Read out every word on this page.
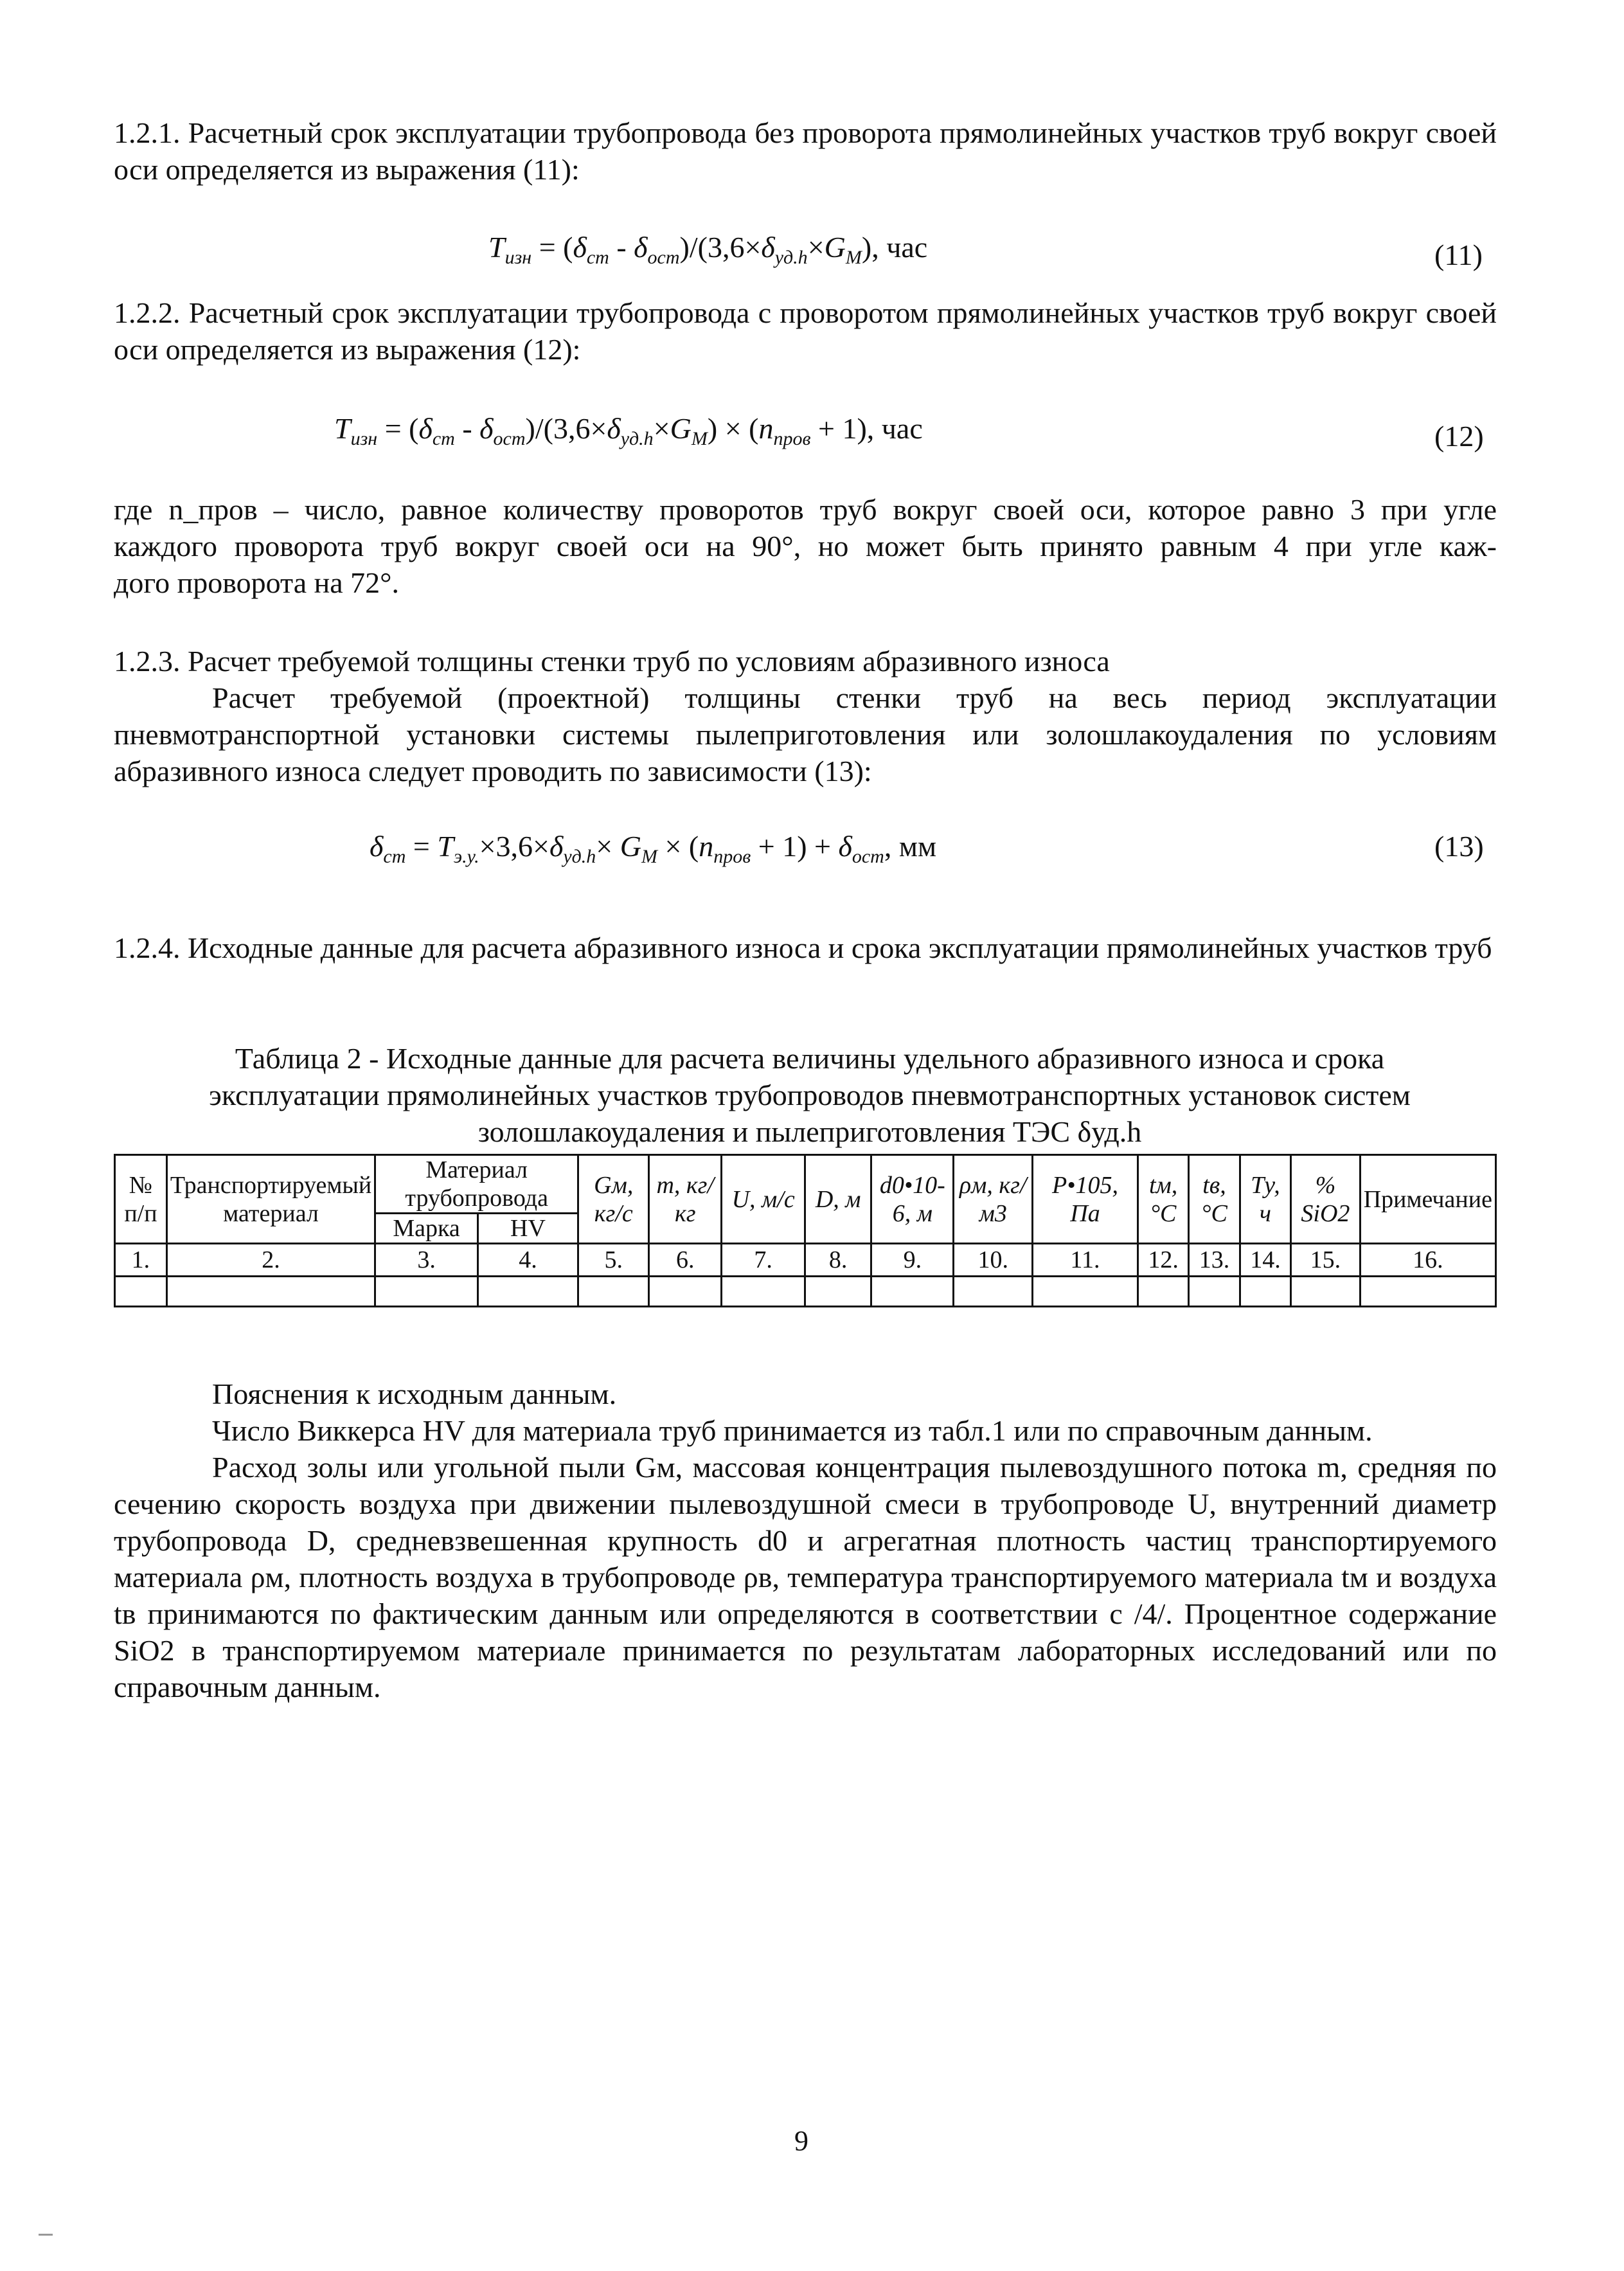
1.2.1. Расчетный срок эксплуатации трубопровода без проворота прямолинейных участков труб вокруг своей оси определяется из выражения (11):
$Т_{изн} = (\delta_{ст} - \delta_{ост})/(3,6\times\delta_{уд.h}\times G_M)$, час	(11)
1.2.2. Расчетный срок эксплуатации трубопровода с проворотом прямолинейных участков труб вокруг своей оси определяется из выражения (12):
$Т_{изн} = (\delta_{ст} - \delta_{ост})/(3,6\times\delta_{уд.h}\times G_M) \times (n_{пров} + 1)$, час	(12)
где n_пров – число, равное количеству проворотов труб вокруг своей оси, которое равно 3 при угле
каждого проворота труб вокруг своей оси на 90°, но может быть принято равным 4 при угле каж-
дого проворота на 72°.
1.2.3. Расчет требуемой толщины стенки труб по условиям абразивного износа
Расчет требуемой (проектной) толщины стенки труб на весь период эксплуатации пневмотранспортной установки системы пылеприготовления или золошлакоудаления по условиям абразивного износа следует проводить по зависимости (13):
$\delta_{ст} = Т_{э.у.}\times 3,6\times\delta_{уд.h}\times G_M \times (n_{пров} + 1) + \delta_{ост}$, мм	(13)
1.2.4. Исходные данные для расчета абразивного износа и срока эксплуатации прямолинейных участков труб
Таблица 2 - Исходные данные для расчета величины удельного абразивного износа и срока эксплуатации прямолинейных участков трубопроводов пневмотранспортных установок систем золошлакоудаления и пылеприготовления ТЭС δуд.h
№ п/п	Транспортируемый материал	Материал трубопровода		Gм, кг/с	m, кг/кг	U, м/с	D, м	d0•10-6, м	ρм, кг/м3	P•105, Па	tм, °C	tв, °C	Tу, ч	% SiO2	Примечание
		Марка	HV												
1.	2.	3.	4.	5.	6.	7.	8.	9.	10.	11.	12.	13.	14.	15.	16.

Пояснения к исходным данным.
Число Виккерса HV для материала труб принимается из табл.1 или по справочным данным.
Расход золы или угольной пыли Gм, массовая концентрация пылевоздушного потока m, средняя по сечению скорость воздуха при движении пылевоздушной смеси в трубопроводе U, внутренний диаметр трубопровода D, средневзвешенная крупность d0 и агрегатная плотность частиц транспортируемого материала ρм, плотность воздуха в трубопроводе ρв, температура транспортируемого материала tм и воздуха tв принимаются по фактическим данным или определяются в соответствии с /4/. Процентное содержание SiO2 в транспортируемом материале принимается по результатам лабораторных исследований или по справочным данным.
9
